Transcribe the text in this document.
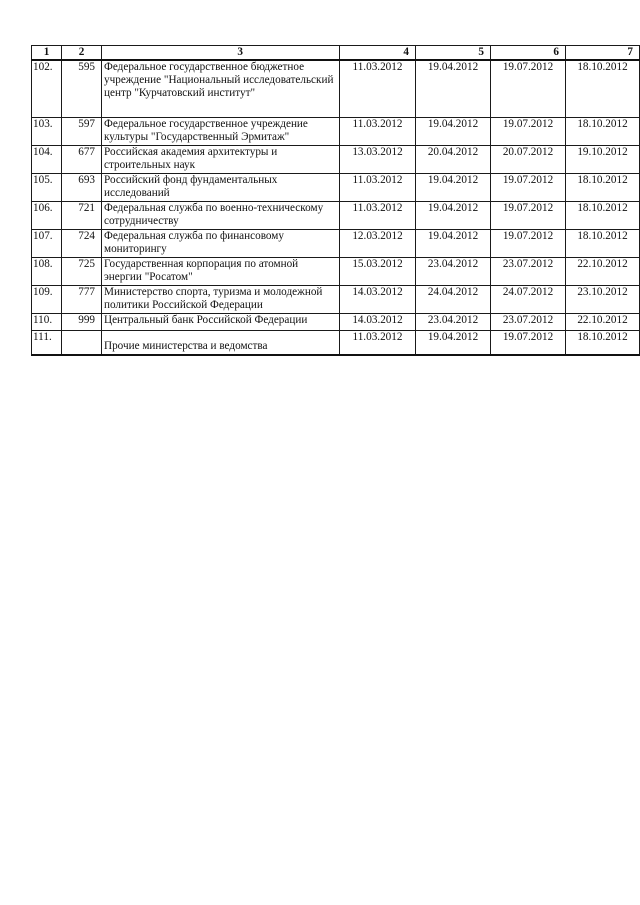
1	2	3	4	5	6	7
102.	595	Федеральное государственное бюджетное учреждение "Национальный исследовательский центр "Курчатовский институт"	11.03.2012	19.04.2012	19.07.2012	18.10.2012
103.	597	Федеральное государственное учреждение культуры "Государственный Эрмитаж"	11.03.2012	19.04.2012	19.07.2012	18.10.2012
104.	677	Российская академия архитектуры и строительных наук	13.03.2012	20.04.2012	20.07.2012	19.10.2012
105.	693	Российский фонд фундаментальных исследований	11.03.2012	19.04.2012	19.07.2012	18.10.2012
106.	721	Федеральная служба по военно-техническому сотрудничеству	11.03.2012	19.04.2012	19.07.2012	18.10.2012
107.	724	Федеральная служба по финансовому мониторингу	12.03.2012	19.04.2012	19.07.2012	18.10.2012
108.	725	Государственная корпорация по атомной энергии "Росатом"	15.03.2012	23.04.2012	23.07.2012	22.10.2012
109.	777	Министерство спорта, туризма и молодежной политики Российской Федерации	14.03.2012	24.04.2012	24.07.2012	23.10.2012
110.	999	Центральный банк Российской Федерации	14.03.2012	23.04.2012	23.07.2012	22.10.2012
111.		Прочие министерства и ведомства	11.03.2012	19.04.2012	19.07.2012	18.10.2012
